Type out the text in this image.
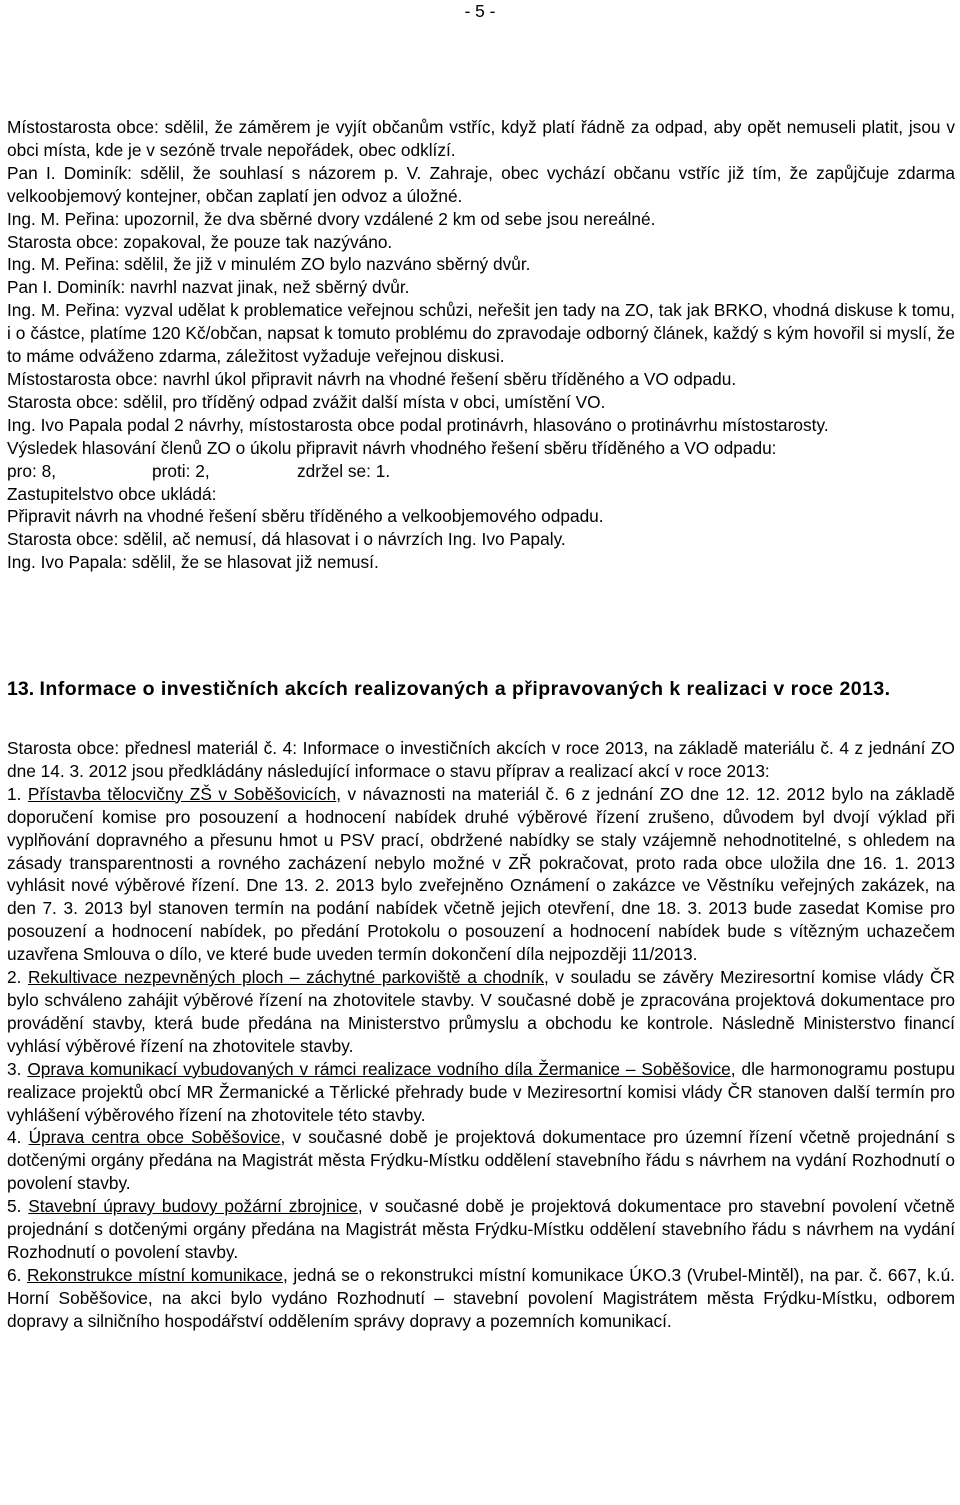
- 5 -

Místostarosta obce: sdělil, že záměrem je vyjít občanům vstříc, když platí řádně za odpad, aby opět nemuseli platit, jsou v obci místa, kde je v sezóně trvale nepořádek, obec odklízí.

Pan I. Dominík: sdělil, že souhlasí s názorem p. V. Zahraje, obec vychází občanu vstříc již tím, že zapůjčuje zdarma velkoobjemový kontejner, občan zaplatí jen odvoz a úložné.

Ing. M. Peřina: upozornil, že dva sběrné dvory vzdálené 2 km od sebe jsou nereálné.

Starosta obce: zopakoval, že pouze tak nazýváno.

Ing. M. Peřina: sdělil, že již v minulém ZO bylo nazváno sběrný dvůr.

Pan I. Dominík: navrhl nazvat jinak, než sběrný dvůr.

Ing. M. Peřina: vyzval udělat k problematice veřejnou schůzi, neřešit jen tady na ZO, tak jak BRKO, vhodná diskuse k tomu, i o částce, platíme 120 Kč/občan, napsat k tomuto problému do zpravodaje odborný článek, každý s kým hovořil si myslí, že to máme odváženo zdarma, záležitost vyžaduje veřejnou diskusi.

Místostarosta obce: navrhl úkol připravit návrh na vhodné řešení sběru tříděného a VO odpadu.

Starosta obce: sdělil, pro tříděný odpad zvážit další místa v obci, umístění VO.

Ing. Ivo Papala podal 2 návrhy, místostarosta obce podal protinávrh, hlasováno o protinávrhu místostarosty.

Výsledek hlasování členů ZO o úkolu připravit návrh vhodného řešení sběru tříděného a VO odpadu:

pro: 8,	proti: 2,	zdržel se: 1.

Zastupitelstvo obce ukládá:

Připravit návrh na vhodné řešení sběru tříděného a velkoobjemového odpadu.

Starosta obce: sdělil, ač nemusí, dá hlasovat i o návrzích Ing. Ivo Papaly.

Ing. Ivo Papala: sdělil, že se hlasovat již nemusí.

13. Informace o investičních akcích realizovaných a připravovaných k realizaci v roce 2013.

Starosta obce: přednesl materiál č. 4: Informace o investičních akcích v roce 2013, na základě materiálu č. 4 z jednání ZO dne 14. 3. 2012 jsou předkládány následující informace o stavu příprav a realizací akcí v roce 2013:

1. Přístavba tělocvičny ZŠ v Soběšovicích, v návaznosti na materiál č. 6 z jednání ZO dne 12. 12. 2012 bylo na základě doporučení komise pro posouzení a hodnocení nabídek druhé výběrové řízení zrušeno, důvodem byl dvojí výklad při vyplňování dopravného a přesunu hmot u PSV prací, obdržené nabídky se staly vzájemně nehodnotitelné, s ohledem na zásady transparentnosti a rovného zacházení nebylo možné v ZŘ pokračovat, proto rada obce uložila dne 16. 1. 2013 vyhlásit nové výběrové řízení. Dne 13. 2. 2013 bylo zveřejněno Oznámení o zakázce ve Věstníku veřejných zakázek, na den 7. 3. 2013 byl stanoven termín na podání nabídek včetně jejich otevření, dne 18. 3. 2013 bude zasedat Komise pro posouzení a hodnocení nabídek, po předání Protokolu o posouzení a hodnocení nabídek bude s vítězným uchazečem uzavřena Smlouva o dílo, ve které bude uveden termín dokončení díla nejpozději 11/2013.

2. Rekultivace nezpevněných ploch – záchytné parkoviště a chodník, v souladu se závěry Meziresortní komise vlády ČR bylo schváleno zahájit výběrové řízení na zhotovitele stavby. V současné době je zpracována projektová dokumentace pro provádění stavby, která bude předána na Ministerstvo průmyslu a obchodu ke kontrole. Následně Ministerstvo financí vyhlásí výběrové řízení na zhotovitele stavby.

3. Oprava komunikací vybudovaných v rámci realizace vodního díla Žermanice – Soběšovice, dle harmonogramu postupu realizace projektů obcí MR Žermanické a Těrlické přehrady bude v Meziresortní komisi vlády ČR stanoven další termín pro vyhlášení výběrového řízení na zhotovitele této stavby.

4. Úprava centra obce Soběšovice, v současné době je projektová dokumentace pro územní řízení včetně projednání s dotčenými orgány předána na Magistrát města Frýdku-Místku oddělení stavebního řádu s návrhem na vydání Rozhodnutí o povolení stavby.

5. Stavební úpravy budovy požární zbrojnice, v současné době je projektová dokumentace pro stavební povolení včetně projednání s dotčenými orgány předána na Magistrát města Frýdku-Místku oddělení stavebního řádu s návrhem na vydání Rozhodnutí o povolení stavby.

6. Rekonstrukce místní komunikace, jedná se o rekonstrukci místní komunikace ÚKO.3 (Vrubel-Mintěl), na par. č. 667, k.ú. Horní Soběšovice, na akci bylo vydáno Rozhodnutí – stavební povolení Magistrátem města Frýdku-Místku, odborem dopravy a silničního hospodářství oddělením správy dopravy a pozemních komunikací.
